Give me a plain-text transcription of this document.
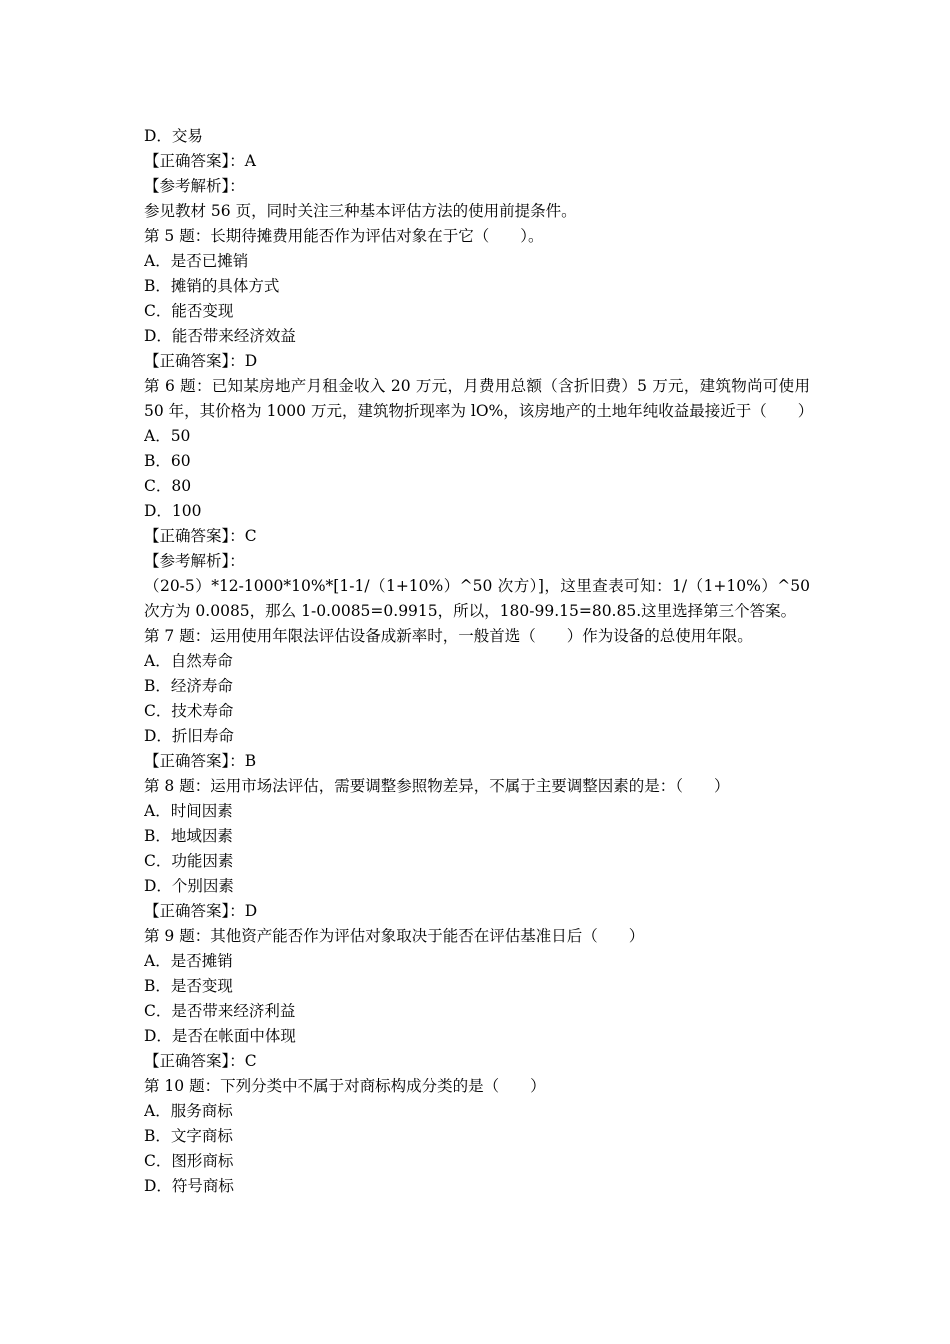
D．交易
【正确答案】：A
【参考解析】：
参见教材 56 页，同时关注三种基本评估方法的使用前提条件。
第 5 题：长期待摊费用能否作为评估对象在于它（　　）。
A．是否已摊销
B．摊销的具体方式
C．能否变现
D．能否带来经济效益
【正确答案】：D
第 6 题：已知某房地产月租金收入 20 万元，月费用总额（含折旧费）5 万元，建筑物尚可使用 50 年，其价格为 1000 万元，建筑物折现率为 lO%，该房地产的土地年纯收益最接近于（　　）
A．50
B．60
C．80
D．100
【正确答案】：C
【参考解析】：
（20-5）*12-1000*10%*[1-1/（1+10%）^50 次方）]，这里查表可知：1/（1+10%）^50 次方为 0.0085，那么 1-0.0085=0.9915，所以，180-99.15=80.85.这里选择第三个答案。
第 7 题：运用使用年限法评估设备成新率时，一般首选（　　）作为设备的总使用年限。
A．自然寿命
B．经济寿命
C．技术寿命
D．折旧寿命
【正确答案】：B
第 8 题：运用市场法评估，需要调整参照物差异，不属于主要调整因素的是：（　　）
A．时间因素
B．地域因素
C．功能因素
D．个别因素
【正确答案】：D
第 9 题：其他资产能否作为评估对象取决于能否在评估基准日后（　　）
A．是否摊销
B．是否变现
C．是否带来经济利益
D．是否在帐面中体现
【正确答案】：C
第 10 题：下列分类中不属于对商标构成分类的是（　　）
A．服务商标
B．文字商标
C．图形商标
D．符号商标
